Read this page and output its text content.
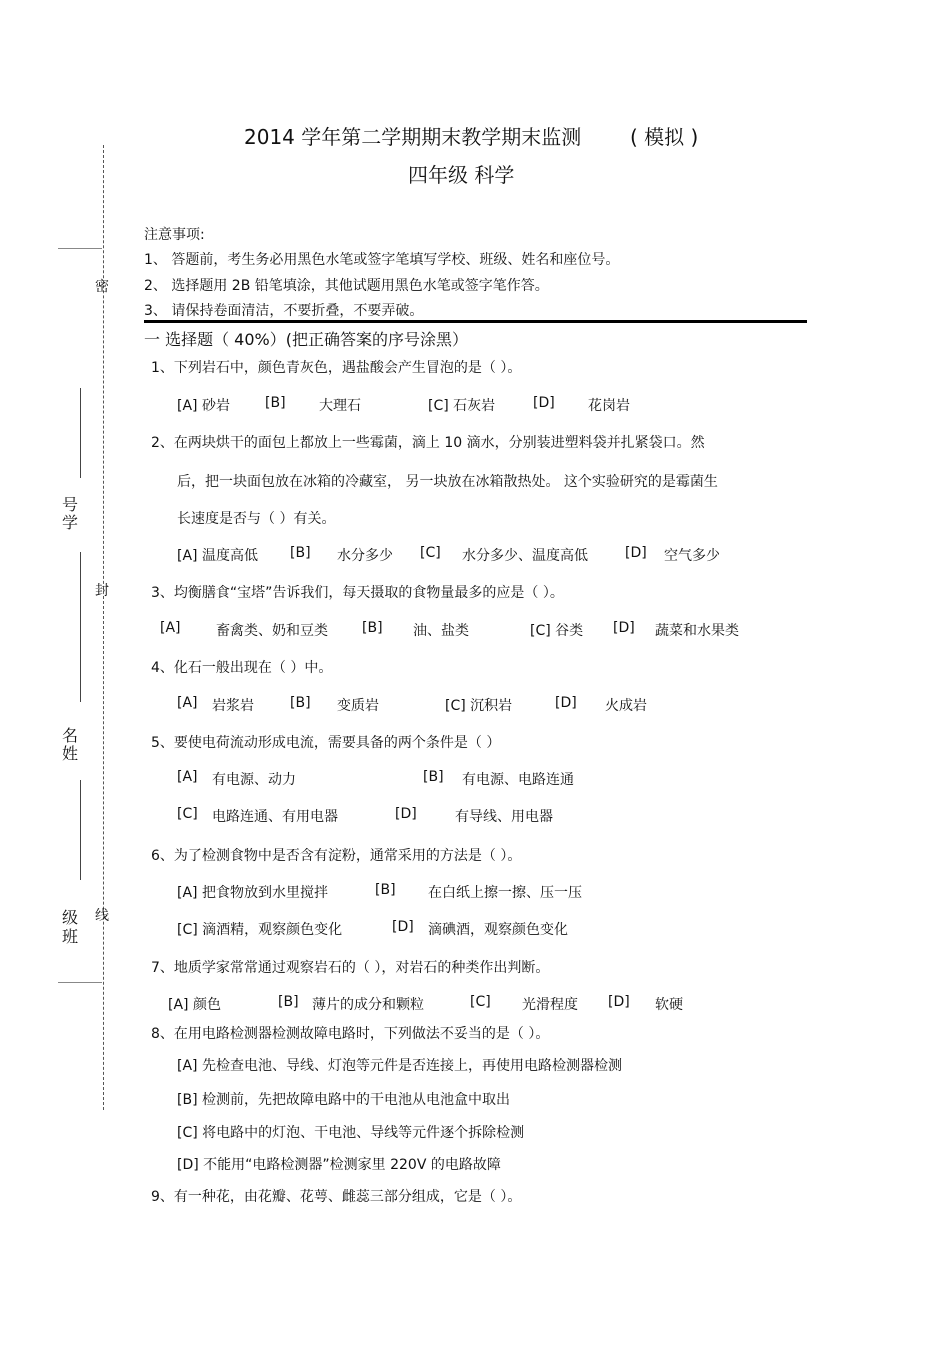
2014 学年第二学期期末教学期末监测 ( 模拟 )
四年级 科学
密
封
线
号
学
名
姓
级
班
注意事项:
1、 答题前，考生务必用黑色水笔或签字笔填写学校、班级、姓名和座位号。
2、 选择题用 2B 铅笔填涂，其他试题用黑色水笔或签字笔作答。
3、 请保持卷面清洁，不要折叠，不要弄破。
一 选择题（ 40%）(把正确答案的序号涂黑）
1、下列岩石中，颜色青灰色，遇盐酸会产生冒泡的是（ ）。
[A] 砂岩	[B] 大理石	[C] 石灰岩	[D] 花岗岩
2、在两块烘干的面包上都放上一些霉菌，滴上 10 滴水，分别装进塑料袋并扎紧袋口。然
后，把一块面包放在冰箱的冷藏室， 另一块放在冰箱散热处。 这个实验研究的是霉菌生
长速度是否与（ ）有关。
[A] 温度高低 [B] 水分多少 [C] 水分多少、温度高低	[D] 空气多少
3、均衡膳食“宝塔”告诉我们，每天摄取的食物量最多的应是（ ）。
[A]	畜禽类、奶和豆类 [B] 油、盐类	[C] 谷类 [D] 蔬菜和水果类
4、化石一般出现在（ ）中。
[A] 岩浆岩	[B] 变质岩	[C] 沉积岩	[D] 火成岩
5、要使电荷流动形成电流，需要具备的两个条件是（ ）
[A] 有电源、动力	[B] 有电源、电路连通
[C] 电路连通、有用电器	[D]	有导线、用电器
6、为了检测食物中是否含有淀粉，通常采用的方法是（ ）。
[A] 把食物放到水里搅拌	[B] 在白纸上擦一擦、压一压
[C] 滴酒精，观察颜色变化	[D] 滴碘酒，观察颜色变化
7、地质学家常常通过观察岩石的（ ），对岩石的种类作出判断。
[A] 颜色	[B] 薄片的成分和颗粒	[C] 光滑程度 [D] 软硬
8、在用电路检测器检测故障电路时，下列做法不妥当的是（ ）。
[A] 先检查电池、导线、灯泡等元件是否连接上，再使用电路检测器检测
[B] 检测前，先把故障电路中的干电池从电池盒中取出
[C] 将电路中的灯泡、干电池、导线等元件逐个拆除检测
[D] 不能用“电路检测器”检测家里 220V 的电路故障
9、有一种花，由花瓣、花萼、雌蕊三部分组成，它是（ ）。
